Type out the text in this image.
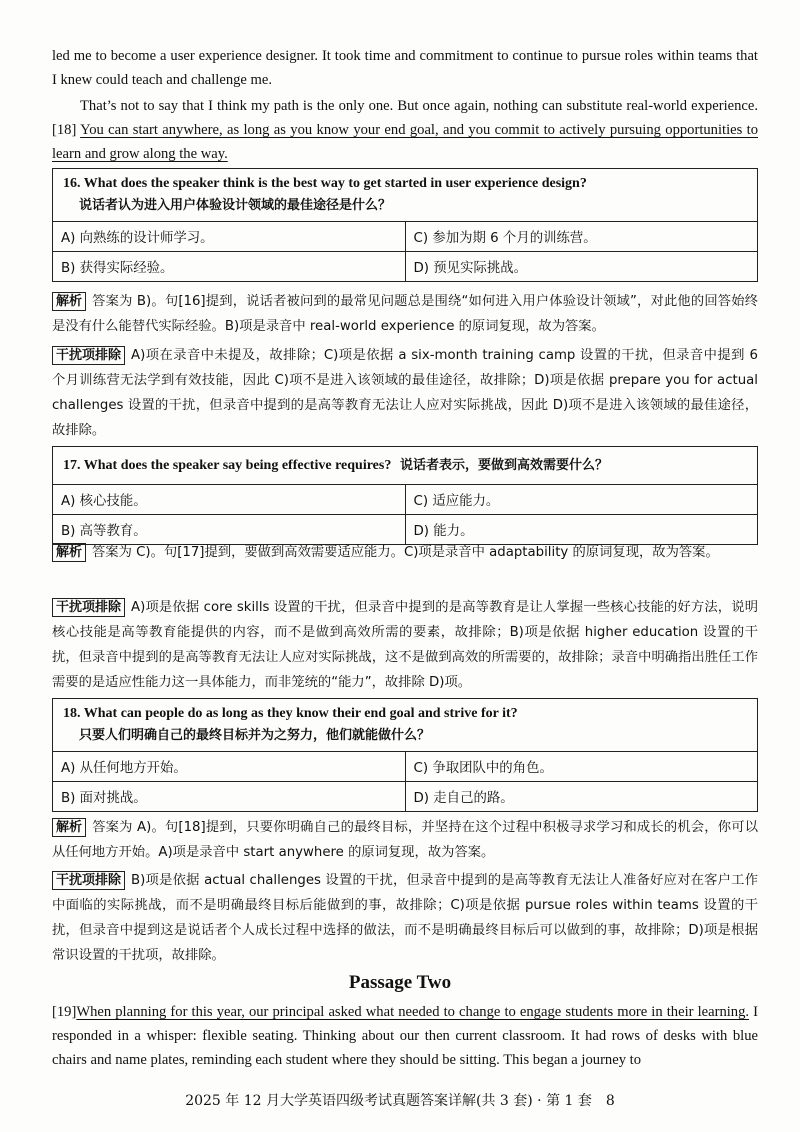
led me to become a user experience designer. It took time and commitment to continue to pursue roles within teams that I knew could teach and challenge me.

That’s not to say that I think my path is the only one. But once again, nothing can substitute real-world experience. [18] You can start anywhere, as long as you know your end goal, and you commit to actively pursuing opportunities to learn and grow along the way.

16. What does the speaker think is the best way to get started in user experience design?
说话者认为进入用户体验设计领域的最佳途径是什么？	

A) 向熟练的设计师学习。	C) 参加为期 6 个月的训练营。
B) 获得实际经验。	D) 预见实际挑战。

解析 答案为 B)。句[16]提到，说话者被问到的最常见问题总是围绕“如何进入用户体验设计领域”，对此他的回答始终是没有什么能替代实际经验。B)项是录音中 real-world experience 的原词复现，故为答案。

干扰项排除 A)项在录音中未提及，故排除；C)项是依据 a six-month training camp 设置的干扰，但录音中提到 6 个月训练营无法学到有效技能，因此 C)项不是进入该领域的最佳途径，故排除；D)项是依据 prepare you for actual challenges 设置的干扰，但录音中提到的是高等教育无法让人应对实际挑战，因此 D)项不是进入该领域的最佳途径，故排除。

17. What does the speaker say being effective requires? 说话者表示，要做到高效需要什么？	
A) 核心技能。	C) 适应能力。
B) 高等教育。	D) 能力。

解析 答案为 C)。句[17]提到，要做到高效需要适应能力。C)项是录音中 adaptability 的原词复现，故为答案。

干扰项排除 A)项是依据 core skills 设置的干扰，但录音中提到的是高等教育是让人掌握一些核心技能的好方法，说明核心技能是高等教育能提供的内容，而不是做到高效所需的要素，故排除；B)项是依据 higher education 设置的干扰，但录音中提到的是高等教育无法让人应对实际挑战，这不是做到高效的所需要的，故排除；录音中明确指出胜任工作需要的是适应性能力这一具体能力，而非笼统的“能力”，故排除 D)项。

18. What can people do as long as they know their end goal and strive for it?
只要人们明确自己的最终目标并为之努力，他们就能做什么？	

A) 从任何地方开始。	C) 争取团队中的角色。
B) 面对挑战。	D) 走自己的路。

解析 答案为 A)。句[18]提到，只要你明确自己的最终目标，并坚持在这个过程中积极寻求学习和成长的机会，你可以从任何地方开始。A)项是录音中 start anywhere 的原词复现，故为答案。

干扰项排除 B)项是依据 actual challenges 设置的干扰，但录音中提到的是高等教育无法让人准备好应对在客户工作中面临的实际挑战，而不是明确最终目标后能做到的事，故排除；C)项是依据 pursue roles within teams 设置的干扰，但录音中提到这是说话者个人成长过程中选择的做法，而不是明确最终目标后可以做到的事，故排除；D)项是根据常识设置的干扰项，故排除。

Passage Two

[19]When planning for this year, our principal asked what needed to change to engage students more in their learning. I responded in a whisper: flexible seating. Thinking about our then current classroom. It had rows of desks with blue chairs and name plates, reminding each student where they should be sitting. This began a journey to

2025 年 12 月大学英语四级考试真题答案详解(共 3 套) · 第 1 套　8
